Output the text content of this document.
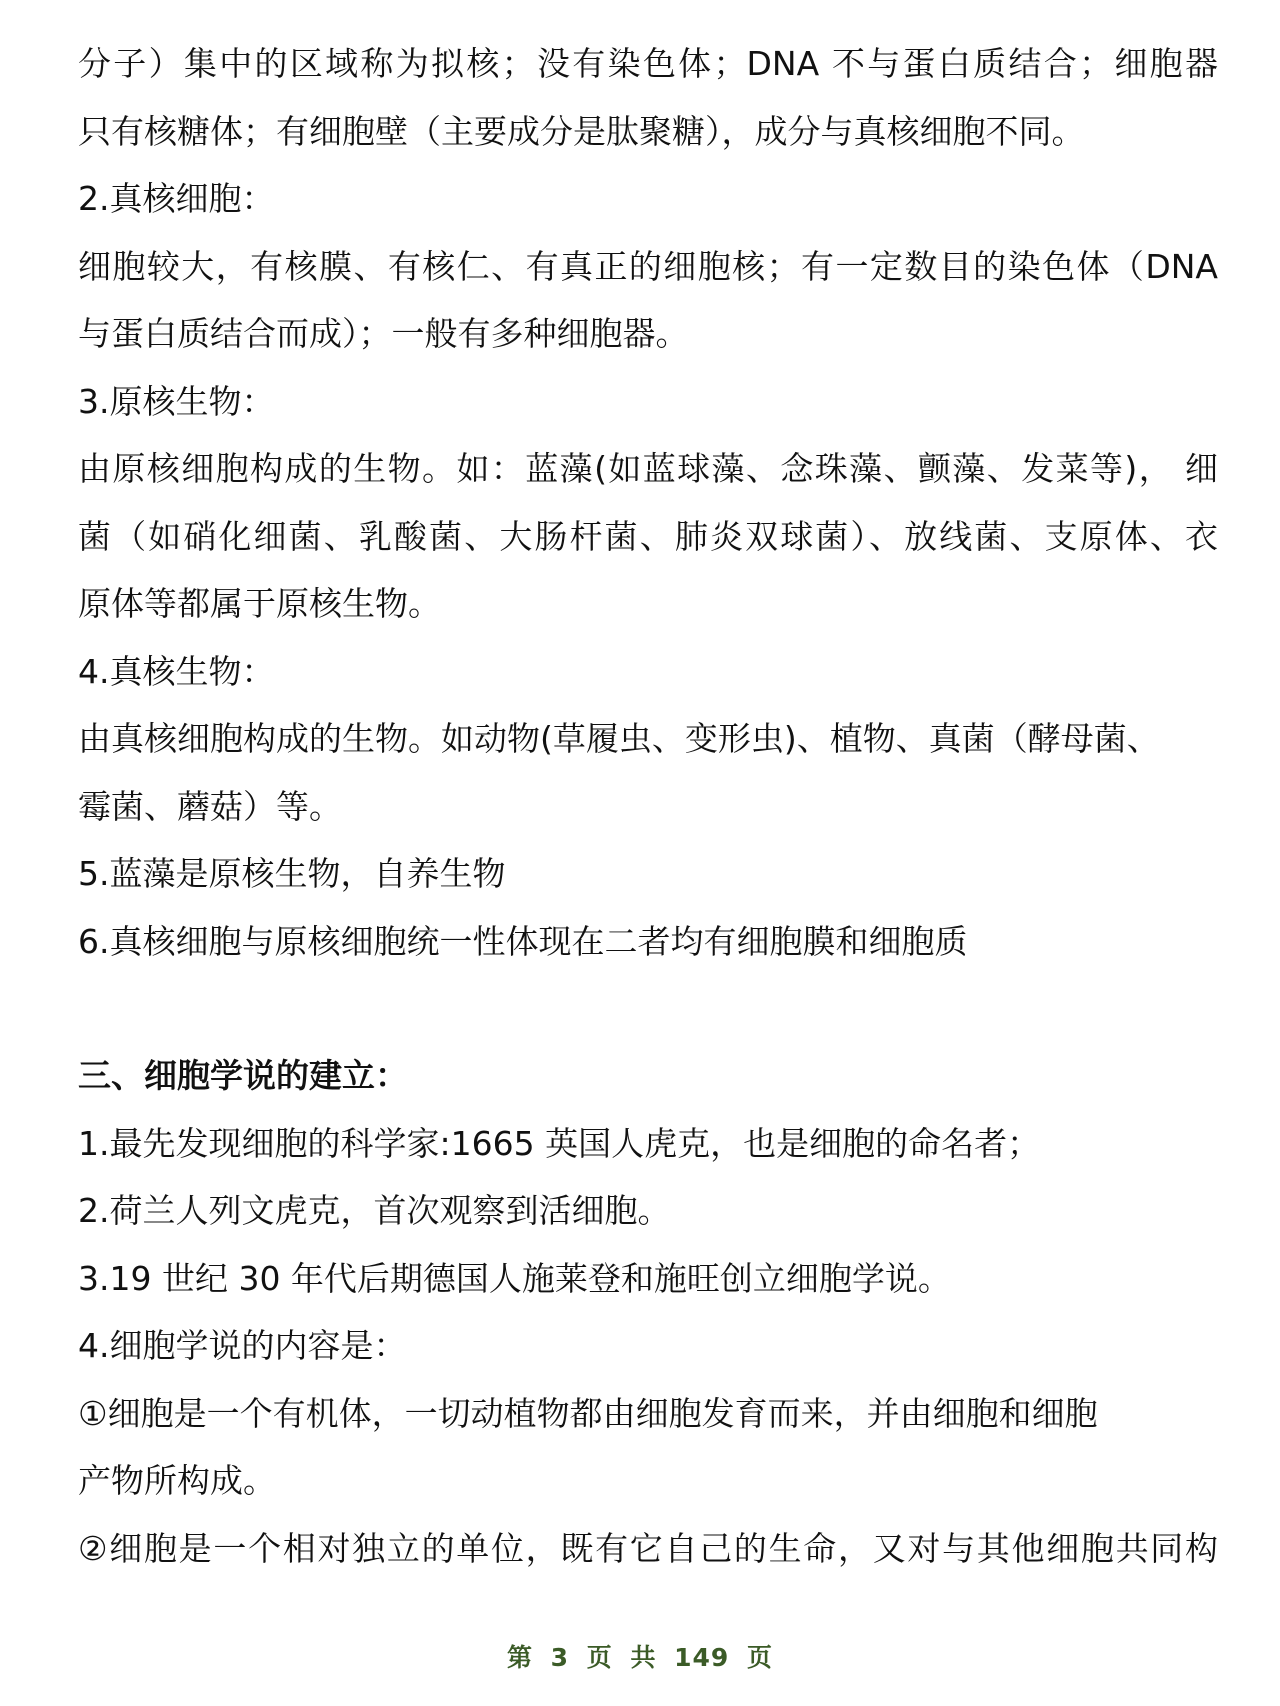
分子）集中的区域称为拟核；没有染色体；DNA 不与蛋白质结合；细胞器
只有核糖体；有细胞壁（主要成分是肽聚糖），成分与真核细胞不同。
2.真核细胞：
细胞较大，有核膜、有核仁、有真正的细胞核；有一定数目的染色体（DNA
与蛋白质结合而成）；一般有多种细胞器。
3.原核生物：
由原核细胞构成的生物。如：蓝藻(如蓝球藻、念珠藻、颤藻、发菜等)， 细
菌（如硝化细菌、乳酸菌、大肠杆菌、肺炎双球菌）、放线菌、支原体、衣
原体等都属于原核生物。
4.真核生物：
由真核细胞构成的生物。如动物(草履虫、变形虫)、植物、真菌（酵母菌、
霉菌、蘑菇）等。
5.蓝藻是原核生物，自养生物
6.真核细胞与原核细胞统一性体现在二者均有细胞膜和细胞质
三、细胞学说的建立：
1.最先发现细胞的科学家:1665 英国人虎克，也是细胞的命名者；
2.荷兰人列文虎克，首次观察到活细胞。
3.19 世纪 30 年代后期德国人施莱登和施旺创立细胞学说。
4.细胞学说的内容是：
①细胞是一个有机体，一切动植物都由细胞发育而来，并由细胞和细胞
产物所构成。
②细胞是一个相对独立的单位，既有它自己的生命，又对与其他细胞共同构
第 3 页 共 149 页
